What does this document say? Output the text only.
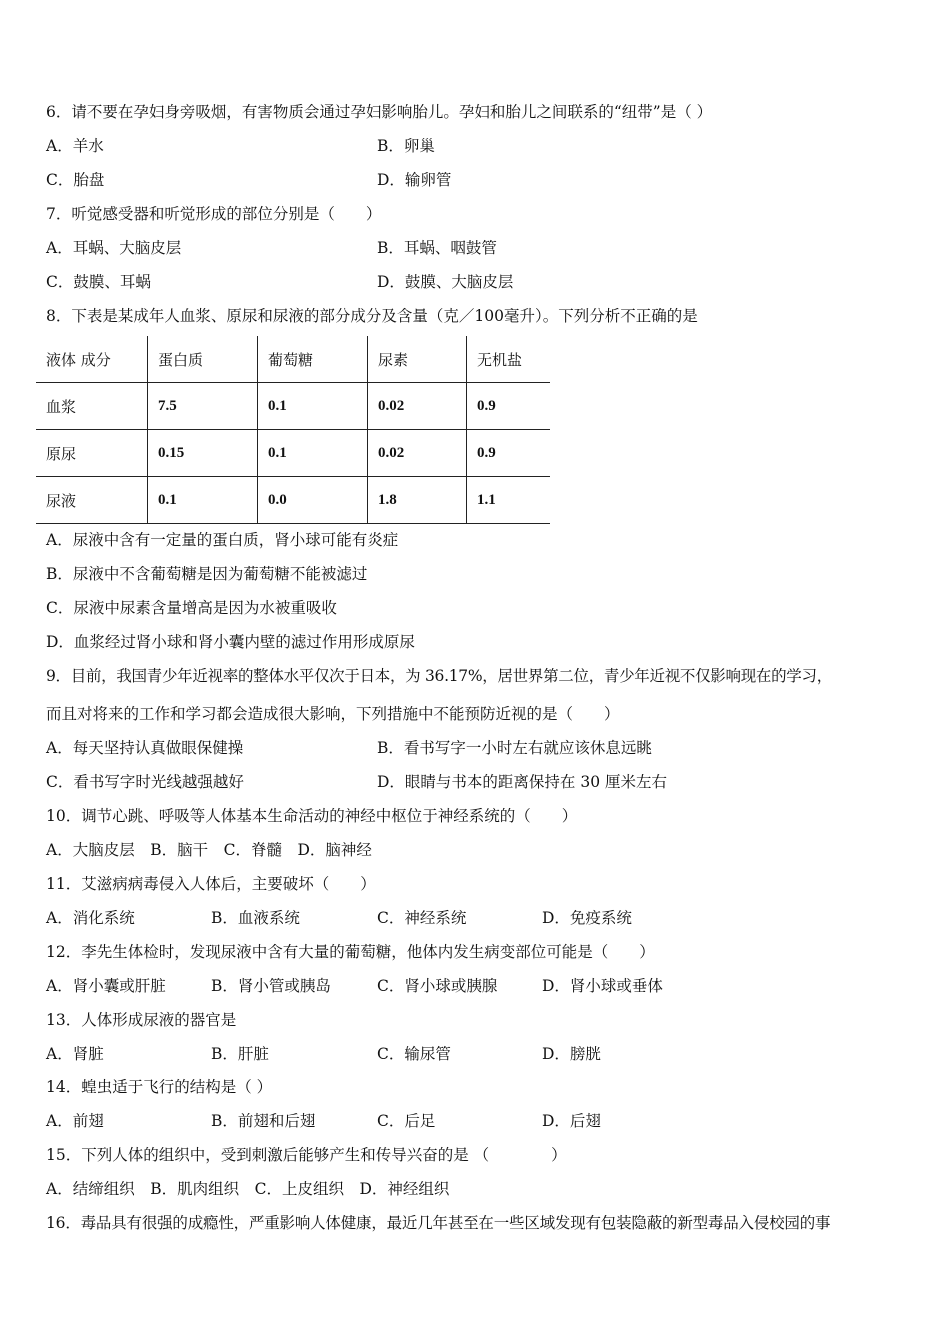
6．请不要在孕妇身旁吸烟，有害物质会通过孕妇影响胎儿。孕妇和胎儿之间联系的“纽带”是（ ）
A．羊水	B．卵巢
C．胎盘	D．输卵管
7．听觉感受器和听觉形成的部位分别是（　　）
A．耳蜗、大脑皮层	B．耳蜗、咽鼓管
C．鼓膜、耳蜗	D．鼓膜、大脑皮层
8．下表是某成年人血浆、原尿和尿液的部分成分及含量（克／100毫升）。下列分析不正确的是
液体 成分	蛋白质	葡萄糖	尿素	无机盐
血浆	7.5	0.1	0.02	0.9
原尿	0.15	0.1	0.02	0.9
尿液	0.1	0.0	1.8	1.1
A．尿液中含有一定量的蛋白质，肾小球可能有炎症
B．尿液中不含葡萄糖是因为葡萄糖不能被滤过
C．尿液中尿素含量增高是因为水被重吸收
D．血浆经过肾小球和肾小囊内壁的滤过作用形成原尿
9．目前，我国青少年近视率的整体水平仅次于日本，为 36.17%，居世界第二位，青少年近视不仅影响现在的学习，
而且对将来的工作和学习都会造成很大影响，下列措施中不能预防近视的是（　　）
A．每天坚持认真做眼保健操	B．看书写字一小时左右就应该休息远眺
C．看书写字时光线越强越好	D．眼睛与书本的距离保持在 30 厘米左右
10．调节心跳、呼吸等人体基本生命活动的神经中枢位于神经系统的（　　）
A．大脑皮层　B．脑干　C．脊髓　D．脑神经
11．艾滋病病毒侵入人体后，主要破坏（　　）
A．消化系统	B．血液系统	C．神经系统	D．免疫系统
12．李先生体检时，发现尿液中含有大量的葡萄糖，他体内发生病变部位可能是（　　）
A．肾小囊或肝脏	B．肾小管或胰岛	C．肾小球或胰腺	D．肾小球或垂体
13．人体形成尿液的器官是
A．肾脏	B．肝脏	C．输尿管	D．膀胱
14．蝗虫适于飞行的结构是（ ）
A．前翅	B．前翅和后翅	C．后足	D．后翅
15．下列人体的组织中，受到刺激后能够产生和传导兴奋的是 （　　　　）
A．结缔组织　B．肌肉组织　C．上皮组织　D．神经组织
16．毒品具有很强的成瘾性，严重影响人体健康，最近几年甚至在一些区域发现有包装隐蔽的新型毒品入侵校园的事
